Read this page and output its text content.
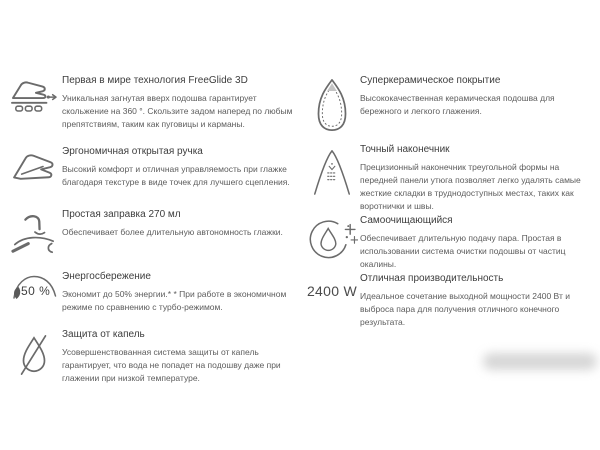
Первая в мире технология FreeGlide 3D

Уникальная загнутая вверх подошва гарантирует скольжение на 360 °. Скользите задом наперед по любым препятствиям, таким как пуговицы и карманы.

Эргономичная открытая ручка

Высокий комфорт и отличная управляемость при глажке благодаря текстуре в виде точек для лучшего сцепления.

Простая заправка 270 мл

Обеспечивает более длительную автономность глажки.

50 %

Энергосбережение

Экономит до 50% энергии.* * При работе в экономичном режиме по сравнению с турбо-режимом.

Защита от капель

Усовершенствованная система защиты от капель гарантирует, что вода не попадет на подошву даже при глажении при низкой температуре.

Суперкерамическое покрытие

Высококачественная керамическая подошва для бережного и легкого глажения.

Точный наконечник

Прецизионный наконечник треугольной формы на передней панели утюга позволяет легко удалять самые жесткие складки в труднодоступных местах, таких как воротнички и швы.

Самоочищающийся

Обеспечивает длительную подачу пара. Простая в использовании система очистки подошвы от частиц окалины.

2400 W

Отличная производительность

Идеальное сочетание выходной мощности 2400 Вт и выброса пара для получения отличного конечного результата.
